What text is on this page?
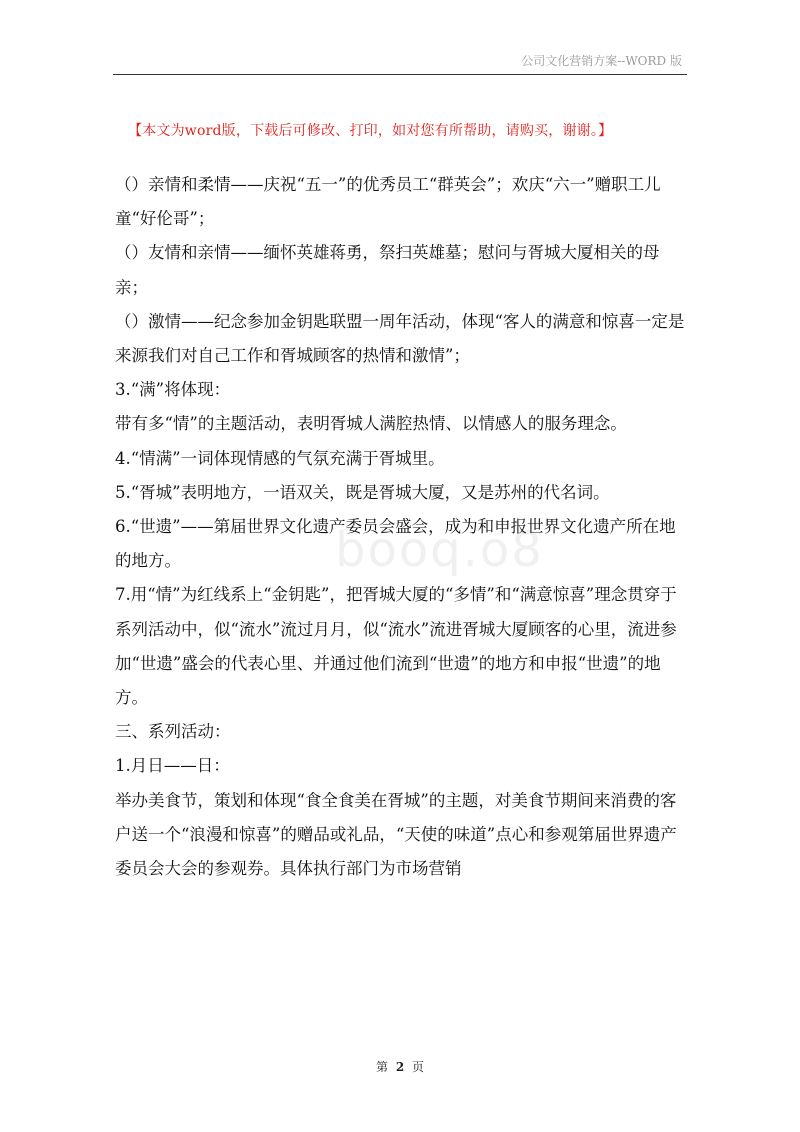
公司文化营销方案--WORD 版
【本文为word版，下载后可修改、打印，如对您有所帮助，请购买，谢谢。】
booq.o8

（）亲情和柔情——庆祝“五一”的优秀员工“群英会”；欢庆“六一”赠职工儿童“好伦哥”；

（）友情和亲情——缅怀英雄蒋勇，祭扫英雄墓；慰问与胥城大厦相关的母亲；

（）激情——纪念参加金钥匙联盟一周年活动，体现“客人的满意和惊喜一定是来源我们对自己工作和胥城顾客的热情和激情”；

3.“满”将体现：

带有多“情”的主题活动，表明胥城人满腔热情、以情感人的服务理念。

4.“情满”一词体现情感的气氛充满于胥城里。

5.“胥城”表明地方，一语双关，既是胥城大厦，又是苏州的代名词。

6.“世遗”——第届世界文化遗产委员会盛会，成为和申报世界文化遗产所在地的地方。

7.用“情”为红线系上“金钥匙”，把胥城大厦的“多情”和“满意惊喜”理念贯穿于系列活动中，似“流水”流过月月，似“流水”流进胥城大厦顾客的心里，流进参加“世遗”盛会的代表心里、并通过他们流到“世遗”的地方和申报“世遗”的地方。

三、系列活动：

1.月日——日：

举办美食节，策划和体现“食全食美在胥城”的主题，对美食节期间来消费的客户送一个“浪漫和惊喜”的赠品或礼品，“天使的味道”点心和参观第届世界遗产委员会大会的参观券。具体执行部门为市场营销

第 2 页
